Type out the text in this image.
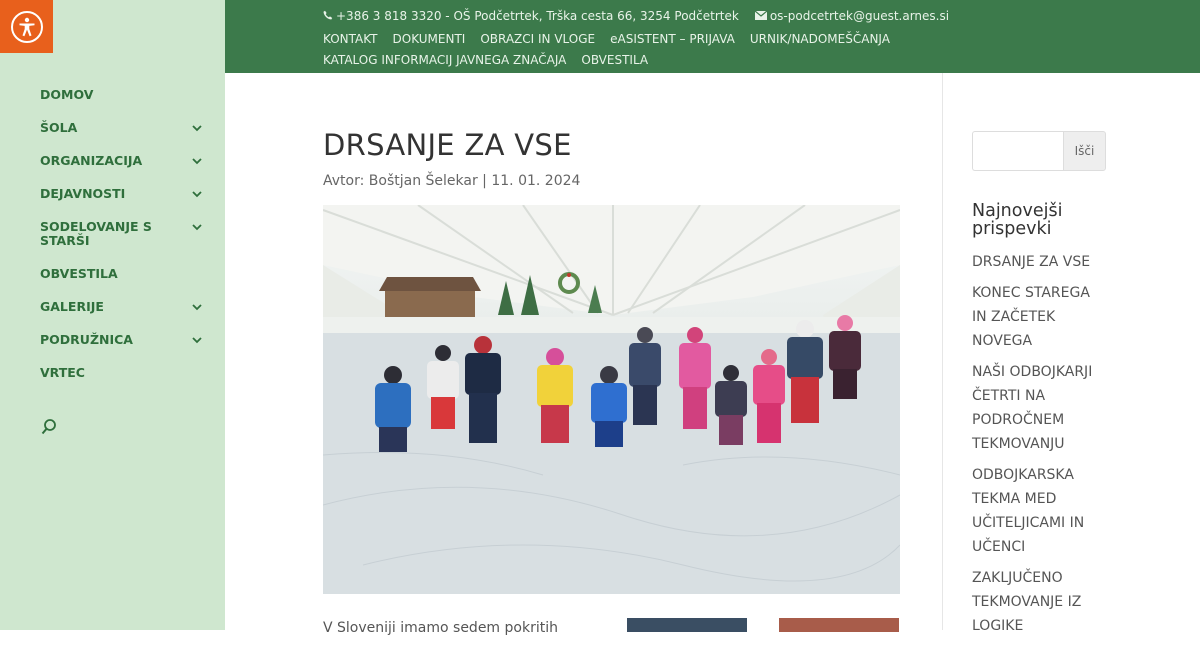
DOMOV
ŠOLA
ORGANIZACIJA
DEJAVNOSTI
SODELOVANJE S STARŠI
OBVESTILA
GALERIJE
PODRUŽNICA
VRTEC
+386 3 818 3320 - OŠ Podčetrtek, Trška cesta 66, 3254 Podčetrtek	os-podcetrtek@guest.arnes.si
KONTAKT DOKUMENTI OBRAZCI IN VLOGE eASISTENT – PRIJAVA URNIK/NADOMEŠČANJAKATALOG INFORMACIJ JAVNEGA ZNAČAJA OBVESTILA
DRSANJE ZA VSE
Avtor: Boštjan Šelekar | 11. 01. 2024
V Sloveniji imamo sedem pokritih
Išči
Najnovejši prispevki
DRSANJE ZA VSE
KONEC STAREGA IN ZAČETEK NOVEGA
NAŠI ODBOJKARJI ČETRTI NA PODROČNEM TEKMOVANJU
ODBOJKARSKA TEKMA MED UČITELJICAMI IN UČENCI
ZAKLJUČENO TEKMOVANJE IZ LOGIKE
